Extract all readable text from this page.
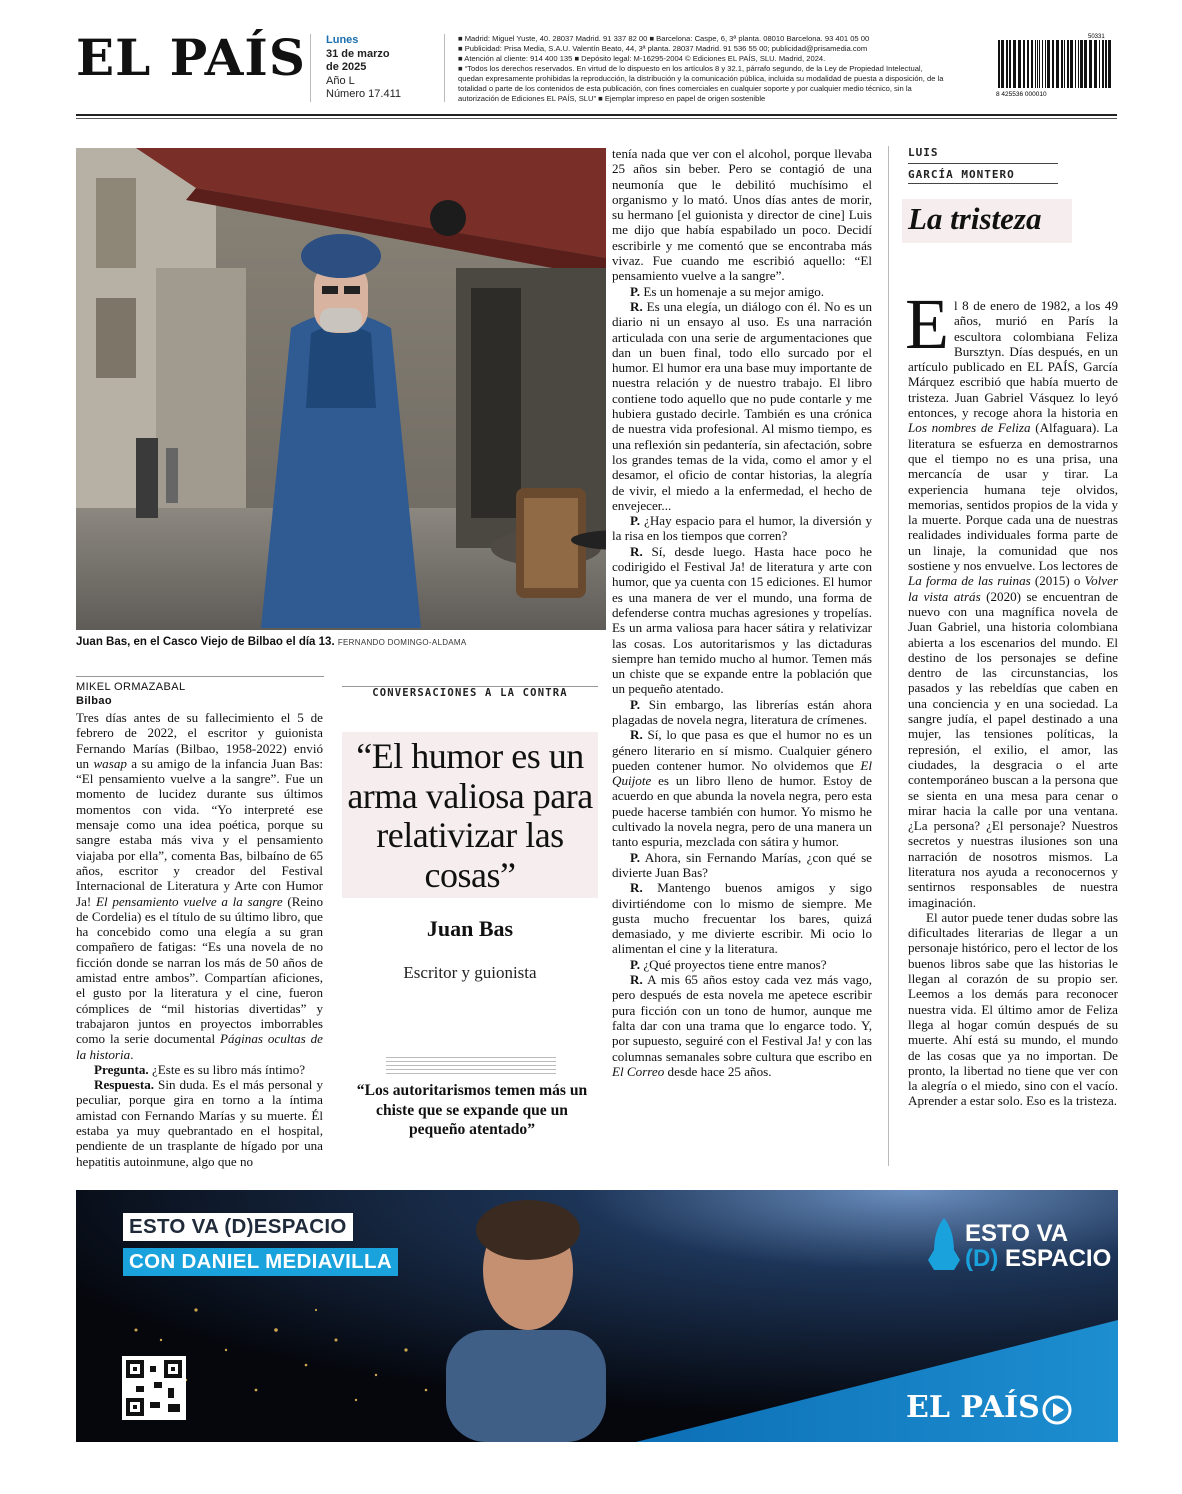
EL PAÍS Lunes
31 de marzo
de 2025
Año L
Número 17.411

■ Madrid: Miguel Yuste, 40. 28037 Madrid. 91 337 82 00 ■ Barcelona: Caspe, 6, 3ª planta. 08010 Barcelona. 93 401 05 00

■ Publicidad: Prisa Media, S.A.U. Valentín Beato, 44, 3ª planta. 28037 Madrid. 91 536 55 00; publicidad@prisamedia.com

■ Atención al cliente: 914 400 135 ■ Depósito legal: M-16295-2004 © Ediciones EL PAÍS, SLU. Madrid, 2024.

■ “Todos los derechos reservados. En virtud de lo dispuesto en los artículos 8 y 32.1, párrafo segundo, de la Ley de Propiedad Intelectual, quedan expresamente prohibidas la reproducción, la distribución y la comunicación pública, incluida su modalidad de puesta a disposición, de la totalidad o parte de los contenidos de esta publicación, con fines comerciales en cualquier soporte y por cualquier medio técnico, sin la autorización de Ediciones EL PAÍS, SLU” ■ Ejemplar impreso en papel de origen sostenible

50331
8 425536 000010
Juan Bas, en el Casco Viejo de Bilbao el día 13. FERNANDO DOMINGO-ALDAMA
MIKEL ORMAZABAL
Bilbao

Tres días antes de su fallecimiento el 5 de febrero de 2022, el escritor y guionista Fernando Marías (Bilbao, 1958-2022) envió un wasap a su amigo de la infancia Juan Bas: “El pensamiento vuelve a la sangre”. Fue un momento de lucidez durante sus últimos momentos con vida. “Yo interpreté ese mensaje como una idea poética, porque su sangre estaba más viva y el pensamiento viajaba por ella”, comenta Bas, bilbaíno de 65 años, escritor y creador del Festival Internacional de Literatura y Arte con Humor Ja! El pensamiento vuelve a la sangre (Reino de Cordelia) es el título de su último libro, que ha concebido como una elegía a su gran compañero de fatigas: “Es una novela de no ficción donde se narran los más de 50 años de amistad entre ambos”. Compartían aficiones, el gusto por la literatura y el cine, fueron cómplices de “mil historias divertidas” y trabajaron juntos en proyectos imborrables como la serie documental Páginas ocultas de la historia.

Pregunta. ¿Este es su libro más íntimo?

Respuesta. Sin duda. Es el más personal y peculiar, porque gira en torno a la íntima amistad con Fernando Marías y su muerte. Él estaba ya muy quebrantado en el hospital, pendiente de un trasplante de hígado por una hepatitis autoinmune, algo que no

CONVERSACIONES A LA CONTRA
“El humor es un arma valiosa para relativizar las cosas”
Juan Bas
Escritor y guionista
“Los autoritarismos temen más un chiste que se expande que un pequeño atentado”

tenía nada que ver con el alcohol, porque llevaba 25 años sin beber. Pero se contagió de una neumonía que le debilitó muchísimo el organismo y lo mató. Unos días antes de morir, su hermano [el guionista y director de cine] Luis me dijo que había espabilado un poco. Decidí escribirle y me comentó que se encontraba más vivaz. Fue cuando me escribió aquello: “El pensamiento vuelve a la sangre”.

P. Es un homenaje a su mejor amigo.

R. Es una elegía, un diálogo con él. No es un diario ni un ensayo al uso. Es una narración articulada con una serie de argumentaciones que dan un buen final, todo ello surcado por el humor. El humor era una base muy importante de nuestra relación y de nuestro trabajo. El libro contiene todo aquello que no pude contarle y me hubiera gustado decirle. También es una crónica de nuestra vida profesional. Al mismo tiempo, es una reflexión sin pedantería, sin afectación, sobre los grandes temas de la vida, como el amor y el desamor, el oficio de contar historias, la alegría de vivir, el miedo a la enfermedad, el hecho de envejecer...

P. ¿Hay espacio para el humor, la diversión y la risa en los tiempos que corren?

R. Sí, desde luego. Hasta hace poco he codirigido el Festival Ja! de literatura y arte con humor, que ya cuenta con 15 ediciones. El humor es una manera de ver el mundo, una forma de defenderse contra muchas agresiones y tropelías. Es un arma valiosa para hacer sátira y relativizar las cosas. Los autoritarismos y las dictaduras siempre han temido mucho al humor. Temen más un chiste que se expande entre la población que un pequeño atentado.

P. Sin embargo, las librerías están ahora plagadas de novela negra, literatura de crímenes.

R. Sí, lo que pasa es que el humor no es un género literario en sí mismo. Cualquier género pueden contener humor. No olvidemos que El Quijote es un libro lleno de humor. Estoy de acuerdo en que abunda la novela negra, pero esta puede hacerse también con humor. Yo mismo he cultivado la novela negra, pero de una manera un tanto espuria, mezclada con sátira y humor.

P. Ahora, sin Fernando Marías, ¿con qué se divierte Juan Bas?

R. Mantengo buenos amigos y sigo divirtiéndome con lo mismo de siempre. Me gusta mucho frecuentar los bares, quizá demasiado, y me divierte escribir. Mi ocio lo alimentan el cine y la literatura.

P. ¿Qué proyectos tiene entre manos?

R. A mis 65 años estoy cada vez más vago, pero después de esta novela me apetece escribir pura ficción con un tono de humor, aunque me falta dar con una trama que lo engarce todo. Y, por supuesto, seguiré con el Festival Ja! y con las columnas semanales sobre cultura que escribo en El Correo desde hace 25 años.

LUIS
GARCÍA MONTERO
La tristeza
E l 8 de enero de 1982, a los 49 años, murió en París la escultora colombiana Feliza Bursztyn. Días después, en un artículo publicado en EL PAÍS, García Márquez escribió que había muerto de tristeza. Juan Gabriel Vásquez lo leyó entonces, y recoge ahora la historia en Los nombres de Feliza (Alfaguara). La literatura se esfuerza en demostrarnos que el tiempo no es una prisa, una mercancía de usar y tirar. La experiencia humana teje olvidos, memorias, sentidos propios de la vida y la muerte. Porque cada una de nuestras realidades individuales forma parte de un linaje, la comunidad que nos sostiene y nos envuelve. Los lectores de La forma de las ruinas (2015) o Volver la vista atrás (2020) se encuentran de nuevo con una magnífica novela de Juan Gabriel, una historia colombiana abierta a los escenarios del mundo. El destino de los personajes se define dentro de las circunstancias, los pasados y las rebeldías que caben en una conciencia y en una sociedad. La sangre judía, el papel destinado a una mujer, las tensiones políticas, la represión, el exilio, el amor, las ciudades, la desgracia o el arte contemporáneo buscan a la persona que se sienta en una mesa para cenar o mirar hacia la calle por una ventana. ¿La persona? ¿El personaje? Nuestros secretos y nuestras ilusiones son una narración de nosotros mismos. La literatura nos ayuda a reconocernos y sentirnos responsables de nuestra imaginación.

El autor puede tener dudas sobre las dificultades literarias de llegar a un personaje histórico, pero el lector de los buenos libros sabe que las historias le llegan al corazón de su propio ser. Leemos a los demás para reconocer nuestra vida. El último amor de Feliza llega al hogar común después de su muerte. Ahí está su mundo, el mundo de las cosas que ya no importan. De pronto, la libertad no tiene que ver con la alegría o el miedo, sino con el vacío. Aprender a estar solo. Eso es la tristeza.

ESTO VA (D)ESPACIO
CON DANIEL MEDIAVILLA
ESTO VA
(D) ESPACIO
EL PAÍS
